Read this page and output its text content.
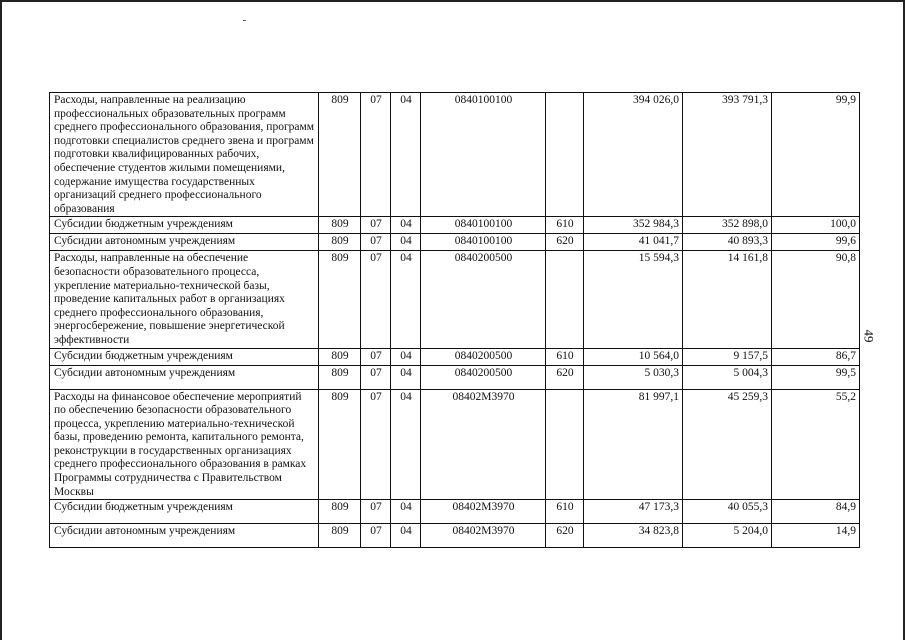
49
Расходы, направленные на реализацию профессиональных образовательных программ среднего профессионального образования, программ подготовки специалистов среднего звена и программ подготовки квалифицированных рабочих, обеспечение студентов жилыми помещениями, содержание имущества государственных организаций среднего профессионального образования	809	07	04	0840100100		394 026,0	393 791,3	99,9
Субсидии бюджетным учреждениям	809	07	04	0840100100	610	352 984,3	352 898,0	100,0
Субсидии автономным учреждениям	809	07	04	0840100100	620	41 041,7	40 893,3	99,6
Расходы, направленные на обеспечение безопасности образовательного процесса, укрепление материально-технической базы, проведение капитальных работ в организациях среднего профессионального образования, энергосбережение, повышение энергетической эффективности	809	07	04	0840200500		15 594,3	14 161,8	90,8
Субсидии бюджетным учреждениям	809	07	04	0840200500	610	10 564,0	9 157,5	86,7
Субсидии автономным учреждениям	809	07	04	0840200500	620	5 030,3	5 004,3	99,5
Расходы на финансовое обеспечение мероприятий по обеспечению безопасности образовательного процесса, укреплению материально-технической базы, проведению ремонта, капитального ремонта, реконструкции в государственных организациях среднего профессионального образования в рамках Программы сотрудничества с Правительством Москвы	809	07	04	08402М3970		81 997,1	45 259,3	55,2
Субсидии бюджетным учреждениям	809	07	04	08402М3970	610	47 173,3	40 055,3	84,9
Субсидии автономным учреждениям	809	07	04	08402М3970	620	34 823,8	5 204,0	14,9
